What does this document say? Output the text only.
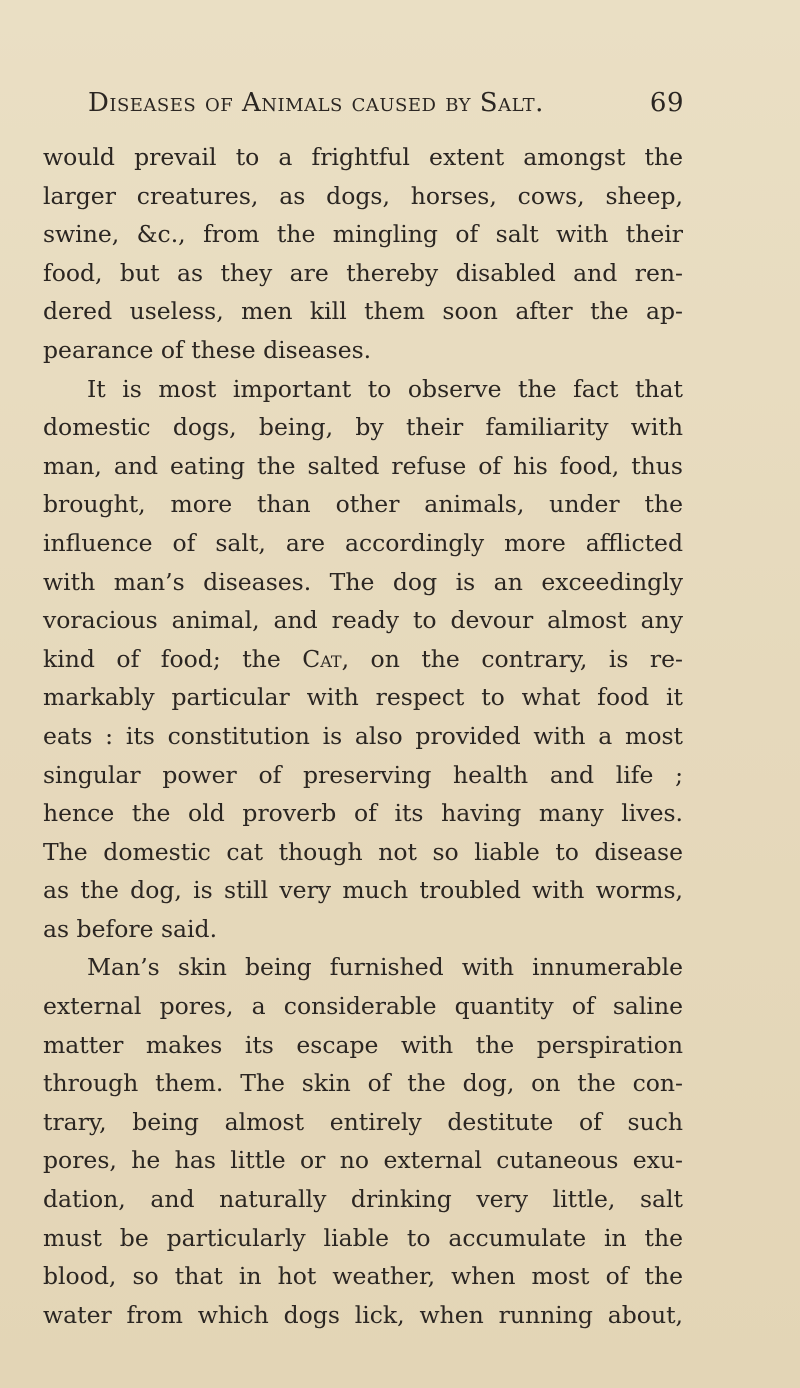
Diseases of Animals caused by Salt.	69
would prevail to a frightful extent amongst the
larger creatures, as dogs, horses, cows, sheep,
swine, &c., from the mingling of salt with their
food, but as they are thereby disabled and ren-
dered useless, men kill them soon after the ap-
pearance of these diseases.
It is most important to observe the fact that
domestic dogs, being, by their familiarity with
man, and eating the salted refuse of his food, thus
brought, more than other animals, under the
influence of salt, are accordingly more afflicted
with man’s diseases. The dog is an exceedingly
voracious animal, and ready to devour almost any
kind of food; the Cat, on the contrary, is re-
markably particular with respect to what food it
eats : its constitution is also provided with a most
singular power of preserving health and life ;
hence the old proverb of its having many lives.
The domestic cat though not so liable to disease
as the dog, is still very much troubled with worms,
as before said.
Man’s skin being furnished with innumerable
external pores, a considerable quantity of saline
matter makes its escape with the perspiration
through them. The skin of the dog, on the con-
trary, being almost entirely destitute of such
pores, he has little or no external cutaneous exu-
dation, and naturally drinking very little, salt
must be particularly liable to accumulate in the
blood, so that in hot weather, when most of the
water from which dogs lick, when running about,
